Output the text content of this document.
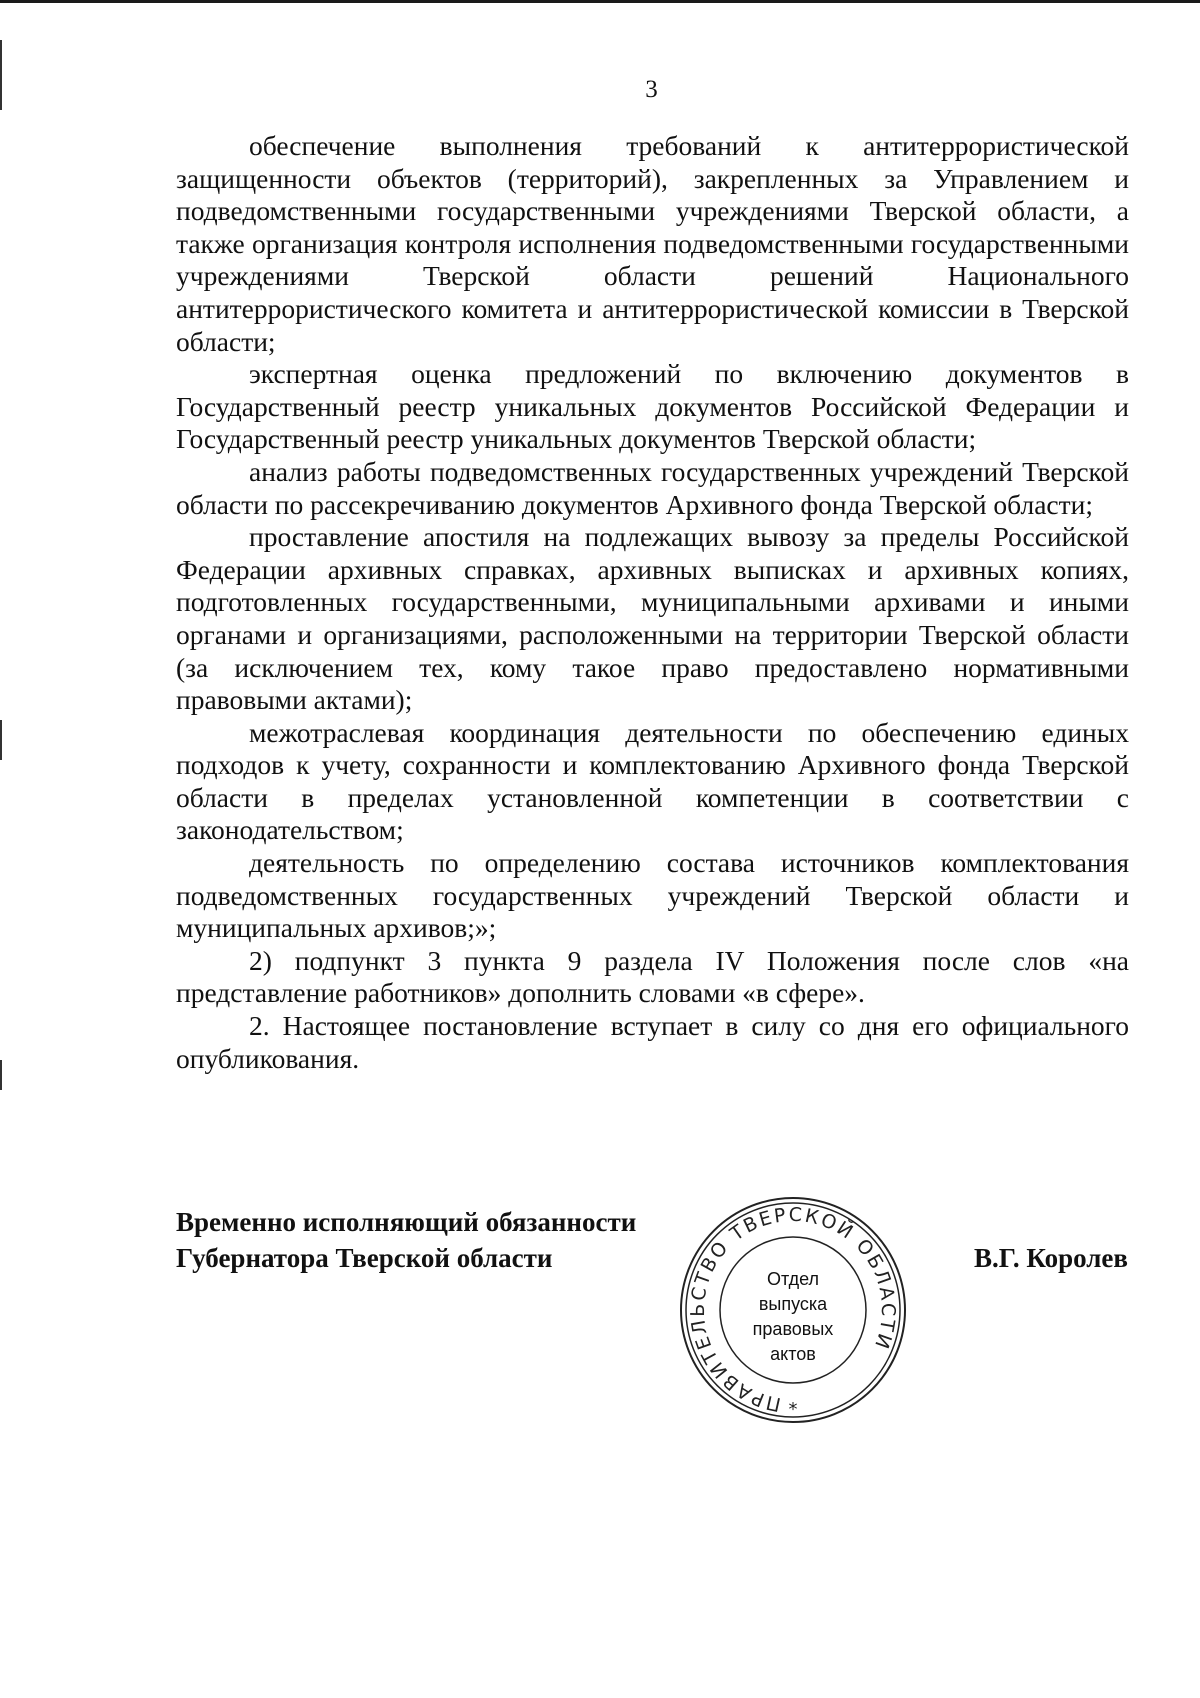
3

обеспечение выполнения требований к антитеррористической защищенности объектов (территорий), закрепленных за Управлением и подведомственными государственными учреждениями Тверской области, а также организация контроля исполнения подведомственными государственными учреждениями Тверской области решений Национального антитеррористического комитета и антитеррористической комиссии в Тверской области;

экспертная оценка предложений по включению документов в Государственный реестр уникальных документов Российской Федерации и Государственный реестр уникальных документов Тверской области;

анализ работы подведомственных государственных учреждений Тверской области по рассекречиванию документов Архивного фонда Тверской области;

проставление апостиля на подлежащих вывозу за пределы Российской Федерации архивных справках, архивных выписках и архивных копиях, подготовленных государственными, муниципальными архивами и иными органами и организациями, расположенными на территории Тверской области (за исключением тех, кому такое право предоставлено нормативными правовыми актами);

межотраслевая координация деятельности по обеспечению единых подходов к учету, сохранности и комплектованию Архивного фонда Тверской области в пределах установленной компетенции в соответствии с законодательством;

деятельность по определению состава источников комплектования подведомственных государственных учреждений Тверской области и муниципальных архивов;»;

2) подпункт 3 пункта 9 раздела IV Положения после слов «на представление работников» дополнить словами «в сфере».

2. Настоящее постановление вступает в силу со дня его официального опубликования.

Временно исполняющий обязанности
Губернатора Тверской области
ПРАВИТЕЛЬСТВО ТВЕРСКОЙ ОБЛАСТИ
*
Отдел
выпуска
правовых
актов
В.Г. Королев
